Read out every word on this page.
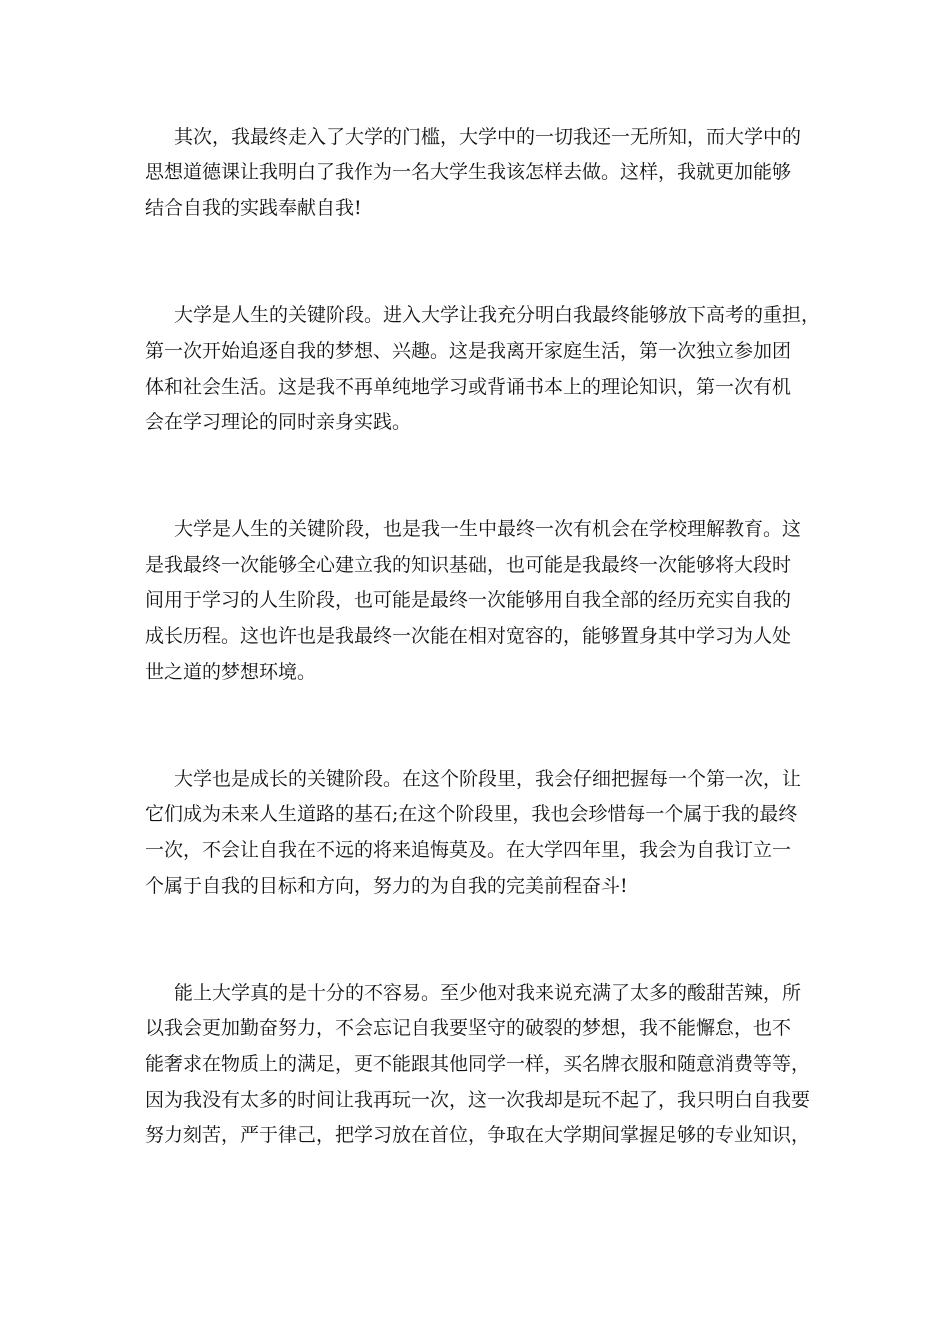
其次，我最终走入了大学的门槛，大学中的一切我还一无所知，而大学中的
思想道德课让我明白了我作为一名大学生我该怎样去做。这样，我就更加能够
结合自我的实践奉献自我!
大学是人生的关键阶段。进入大学让我充分明白我最终能够放下高考的重担，
第一次开始追逐自我的梦想、兴趣。这是我离开家庭生活，第一次独立参加团
体和社会生活。这是我不再单纯地学习或背诵书本上的理论知识，第一次有机
会在学习理论的同时亲身实践。
大学是人生的关键阶段，也是我一生中最终一次有机会在学校理解教育。这
是我最终一次能够全心建立我的知识基础，也可能是我最终一次能够将大段时
间用于学习的人生阶段，也可能是最终一次能够用自我全部的经历充实自我的
成长历程。这也许也是我最终一次能在相对宽容的，能够置身其中学习为人处
世之道的梦想环境。
大学也是成长的关键阶段。在这个阶段里，我会仔细把握每一个第一次，让
它们成为未来人生道路的基石;在这个阶段里，我也会珍惜每一个属于我的最终
一次，不会让自我在不远的将来追悔莫及。在大学四年里，我会为自我订立一
个属于自我的目标和方向，努力的为自我的完美前程奋斗!
能上大学真的是十分的不容易。至少他对我来说充满了太多的酸甜苦辣，所
以我会更加勤奋努力，不会忘记自我要坚守的破裂的梦想，我不能懈怠，也不
能奢求在物质上的满足，更不能跟其他同学一样，买名牌衣服和随意消费等等，
因为我没有太多的时间让我再玩一次，这一次我却是玩不起了，我只明白自我要
努力刻苦，严于律己，把学习放在首位，争取在大学期间掌握足够的专业知识，
